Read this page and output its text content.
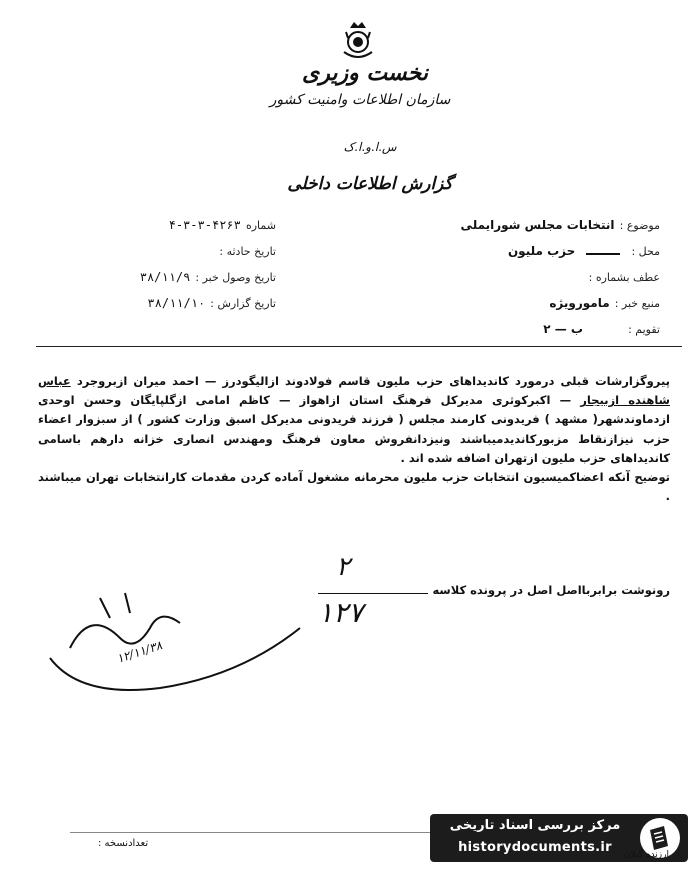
نخست وزیری
سازمان اطلاعات وامنیت کشور
س.ا.و.ا.ک
گزارش اطلاعات داخلی
موضوع : انتخابات مجلس شورایملی
محل :  حزب ملیون
عطف بشماره :
منبع خبر : مامورویژه
تقویم : ب — ۲
شماره ۴۲۶۳-۳-۳-۴
تاریخ حادثه :
تاریخ وصول خبر : ۳۸/۱۱/۹
تاریخ گزارش : ۳۸/۱۱/۱۰

پیروگزارشات قبلی درمورد کاندیداهای حزب ملیون قاسم فولادوند ازالیگودرز — احمد میران ازبروجرد عباس شاهنده ازبیجار — اکبرکوثری مدیرکل فرهنگ استان ازاهواز — کاظم امامی ازگلپایگان وحسن اوحدی ازدماوندشهر( مشهد ) فریدونی کارمند مجلس ( فرزند فریدونی مدیرکل اسبق وزارت کشور ) از سبزوار اعضاء حزب نیزازنقاط مزبورکاندیدمیباشند ونیزدانفروش معاون فرهنگ ومهندس انصاری خزانه دارهم باسامی کاندیداهای حزب ملیون ازتهران اضافه شده اند .

توضیح آنکه اعضاکمیسیون انتخابات حزب ملیون محرمانه مشغول آماده کردن مقدمات کارانتخابات تهران میباشند .

رونوشت برابربااصل اصل در پرونده کلاسه
۲
۱۲۷
۱۲/۱۱/۳۸
تعدادنسخه :
مرکز بررسی اسناد تاریخی
historydocuments.ir	ارزنده گیلان
